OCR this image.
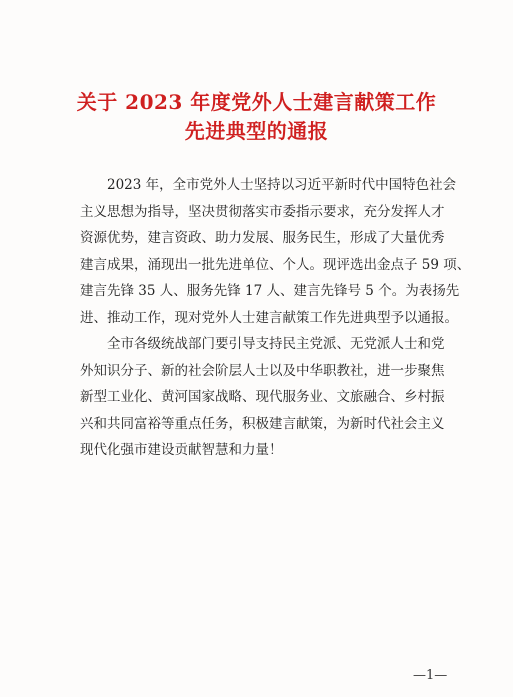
关于 2023 年度党外人士建言献策工作
先进典型的通报
2023 年，全市党外人士坚持以习近平新时代中国特色社会
主义思想为指导，坚决贯彻落实市委指示要求，充分发挥人才
资源优势，建言资政、助力发展、服务民生，形成了大量优秀
建言成果，涌现出一批先进单位、个人。现评选出金点子 59 项、
建言先锋 35 人、服务先锋 17 人、建言先锋号 5 个。为表扬先
进、推动工作，现对党外人士建言献策工作先进典型予以通报。
全市各级统战部门要引导支持民主党派、无党派人士和党
外知识分子、新的社会阶层人士以及中华职教社，进一步聚焦
新型工业化、黄河国家战略、现代服务业、文旅融合、乡村振
兴和共同富裕等重点任务，积极建言献策，为新时代社会主义
现代化强市建设贡献智慧和力量！
—1—
